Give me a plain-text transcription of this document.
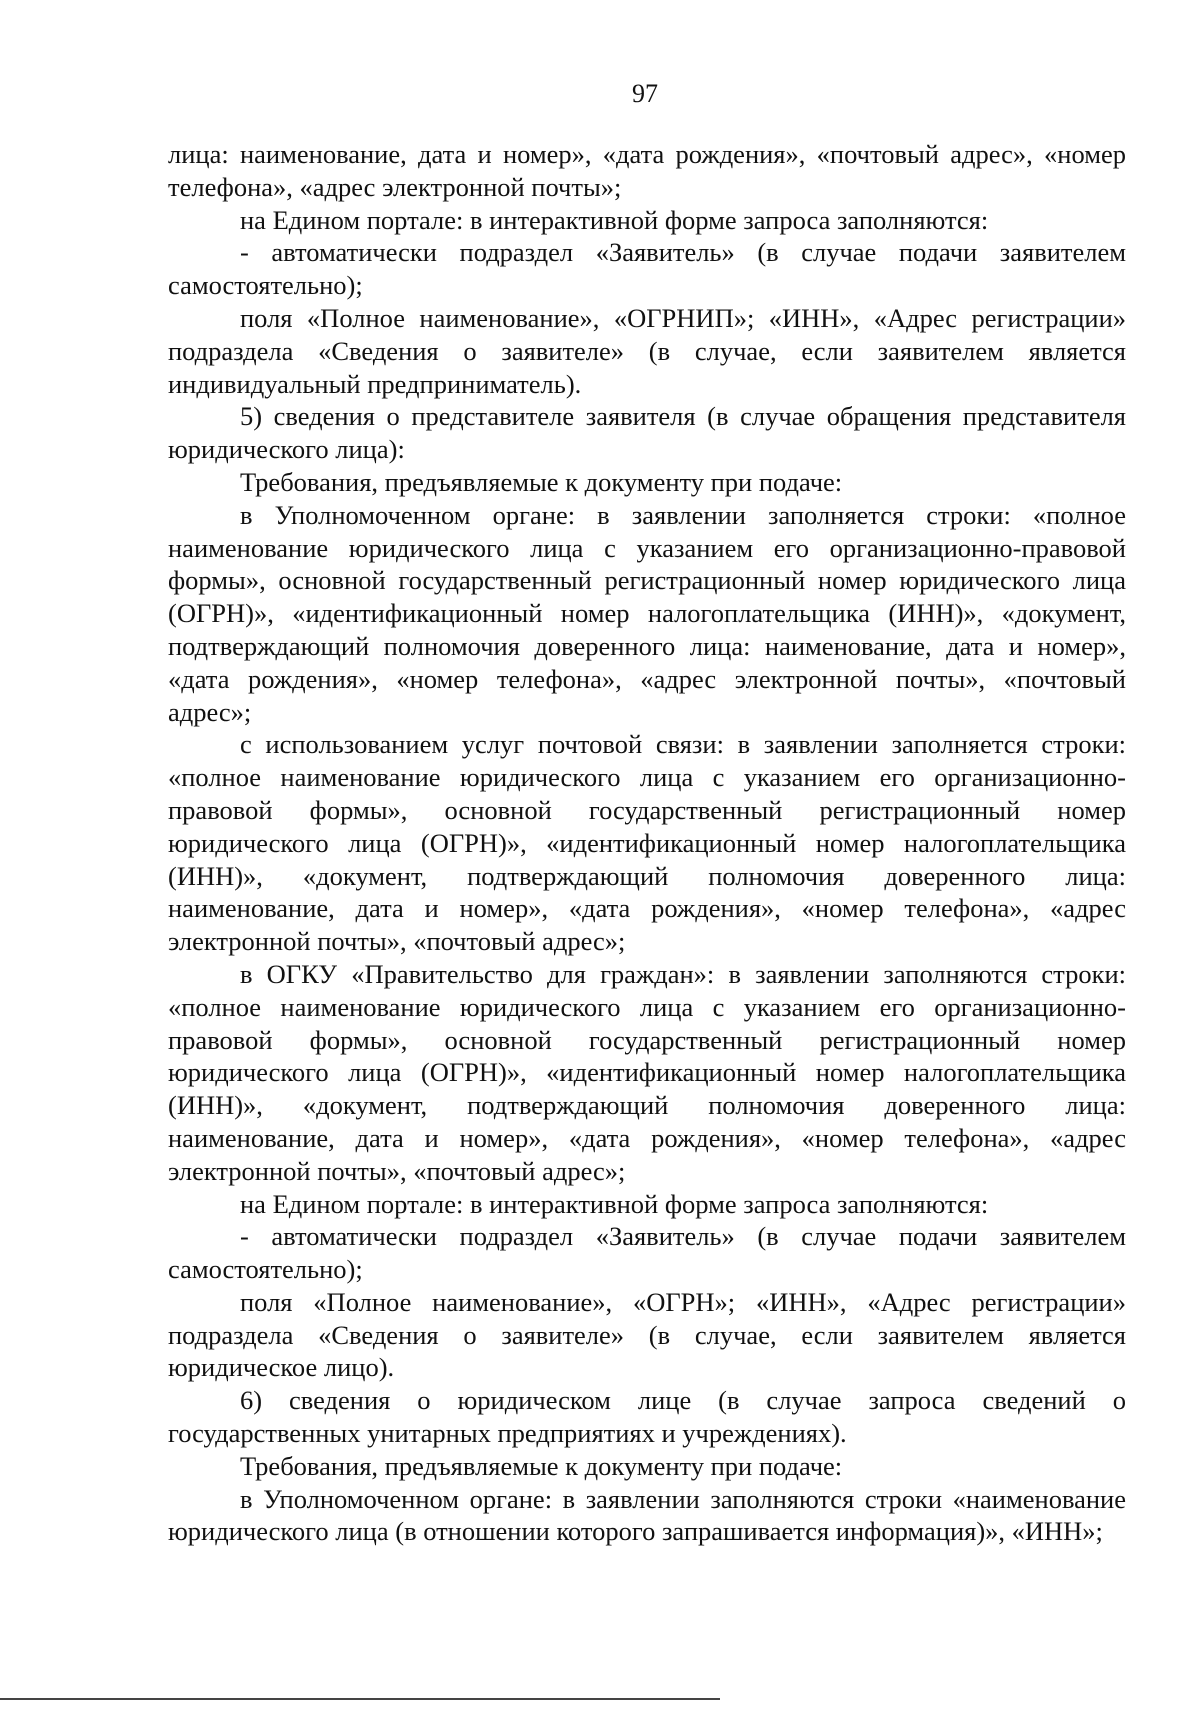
97

лица: наименование, дата и номер», «дата рождения», «почтовый адрес», «номер телефона», «адрес электронной почты»;

на Едином портале: в интерактивной форме запроса заполняются:

- автоматически подраздел «Заявитель» (в случае подачи заявителем самостоятельно);

поля «Полное наименование», «ОГРНИП»; «ИНН», «Адрес регистрации» подраздела «Сведения о заявителе» (в случае, если заявителем является индивидуальный предприниматель).

5) сведения о представителе заявителя (в случае обращения представителя юридического лица):

Требования, предъявляемые к документу при подаче:

в Уполномоченном органе: в заявлении заполняется строки: «полное наименование юридического лица с указанием его организационно-правовой формы», основной государственный регистрационный номер юридического лица (ОГРН)», «идентификационный номер налогоплательщика (ИНН)», «документ, подтверждающий полномочия доверенного лица: наименование, дата и номер», «дата рождения», «номер телефона», «адрес электронной почты», «почтовый адрес»;

с использованием услуг почтовой связи: в заявлении заполняется строки: «полное наименование юридического лица с указанием его организационно-правовой формы», основной государственный регистрационный номер юридического лица (ОГРН)», «идентификационный номер налогоплательщика (ИНН)», «документ, подтверждающий полномочия доверенного лица: наименование, дата и номер», «дата рождения», «номер телефона», «адрес электронной почты», «почтовый адрес»;

в ОГКУ «Правительство для граждан»: в заявлении заполняются строки: «полное наименование юридического лица с указанием его организационно-правовой формы», основной государственный регистрационный номер юридического лица (ОГРН)», «идентификационный номер налогоплательщика (ИНН)», «документ, подтверждающий полномочия доверенного лица: наименование, дата и номер», «дата рождения», «номер телефона», «адрес электронной почты», «почтовый адрес»;

на Едином портале: в интерактивной форме запроса заполняются:

- автоматически подраздел «Заявитель» (в случае подачи заявителем самостоятельно);

поля «Полное наименование», «ОГРН»; «ИНН», «Адрес регистрации» подраздела «Сведения о заявителе» (в случае, если заявителем является юридическое лицо).

6) сведения о юридическом лице (в случае запроса сведений о государственных унитарных предприятиях и учреждениях).

Требования, предъявляемые к документу при подаче:

в Уполномоченном органе: в заявлении заполняются строки «наименование юридического лица (в отношении которого запрашивается информация)», «ИНН»;
